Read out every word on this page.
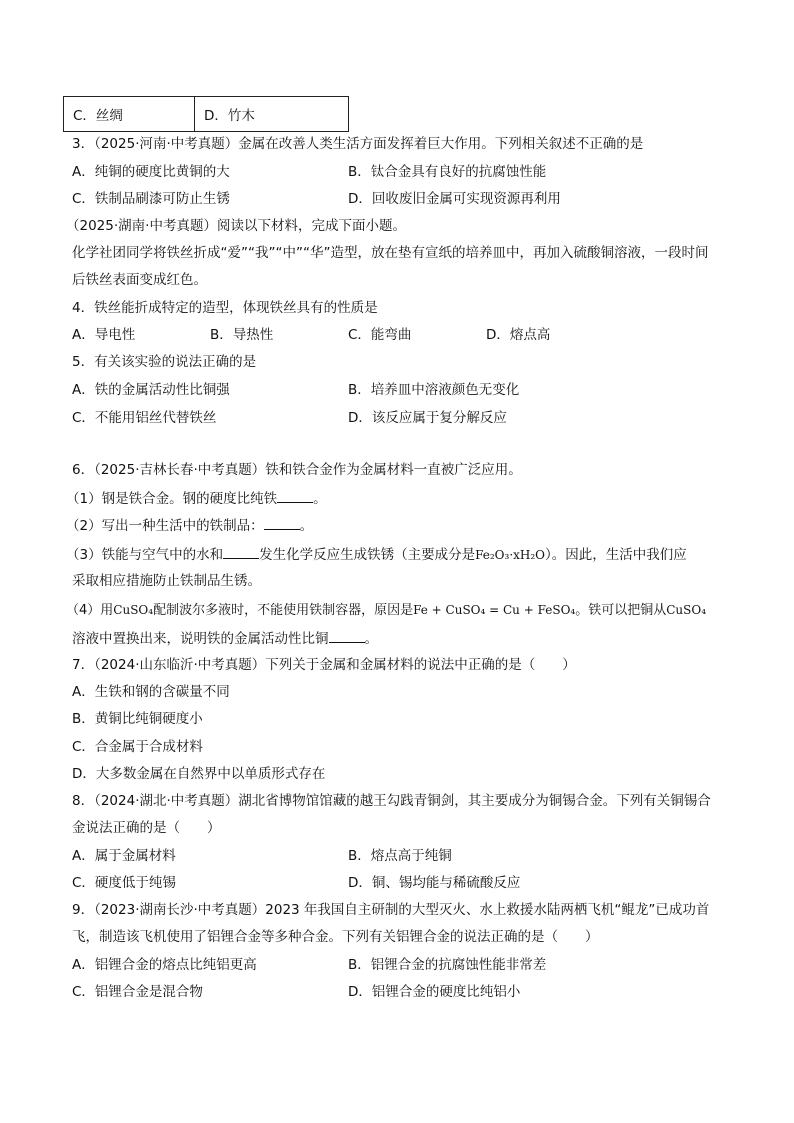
C．丝绸	D．竹木
3．（2025·河南·中考真题）金属在改善人类生活方面发挥着巨大作用。下列相关叙述不正确的是
A．纯铜的硬度比黄铜的大	B．钛合金具有良好的抗腐蚀性能
C．铁制品刷漆可防止生锈	D．回收废旧金属可实现资源再利用
（2025·湖南·中考真题）阅读以下材料，完成下面小题。
化学社团同学将铁丝折成“爱”“我”“中”“华”造型，放在垫有宣纸的培养皿中，再加入硫酸铜溶液，一段时间
后铁丝表面变成红色。
4．铁丝能折成特定的造型，体现铁丝具有的性质是
A．导电性	B．导热性	C．能弯曲	D．熔点高
5．有关该实验的说法正确的是
A．铁的金属活动性比铜强	B．培养皿中溶液颜色无变化
C．不能用铝丝代替铁丝	D．该反应属于复分解反应
6．（2025·吉林长春·中考真题）铁和铁合金作为金属材料一直被广泛应用。
（1）钢是铁合金。钢的硬度比纯铁	。
（2）写出一种生活中的铁制品：	。
（3）铁能与空气中的水和	发生化学反应生成铁锈（主要成分是Fe₂O₃·xH₂O）。因此，生活中我们应
采取相应措施防止铁制品生锈。
（4）用CuSO₄配制波尔多液时，不能使用铁制容器，原因是Fe + CuSO₄ = Cu + FeSO₄。铁可以把铜从CuSO₄
溶液中置换出来，说明铁的金属活动性比铜	。
7．（2024·山东临沂·中考真题）下列关于金属和金属材料的说法中正确的是（　　）
A．生铁和钢的含碳量不同
B．黄铜比纯铜硬度小
C．合金属于合成材料
D．大多数金属在自然界中以单质形式存在
8．（2024·湖北·中考真题）湖北省博物馆馆藏的越王勾践青铜剑，其主要成分为铜锡合金。下列有关铜锡合
金说法正确的是（　　）
A．属于金属材料	B．熔点高于纯铜
C．硬度低于纯锡	D．铜、锡均能与稀硫酸反应
9．（2023·湖南长沙·中考真题）2023 年我国自主研制的大型灭火、水上救援水陆两栖飞机“鲲龙”已成功首
飞，制造该飞机使用了铝锂合金等多种合金。下列有关铝锂合金的说法正确的是（　　）
A．铝锂合金的熔点比纯铝更高	B．铝锂合金的抗腐蚀性能非常差
C．铝锂合金是混合物	D．铝锂合金的硬度比纯铝小
